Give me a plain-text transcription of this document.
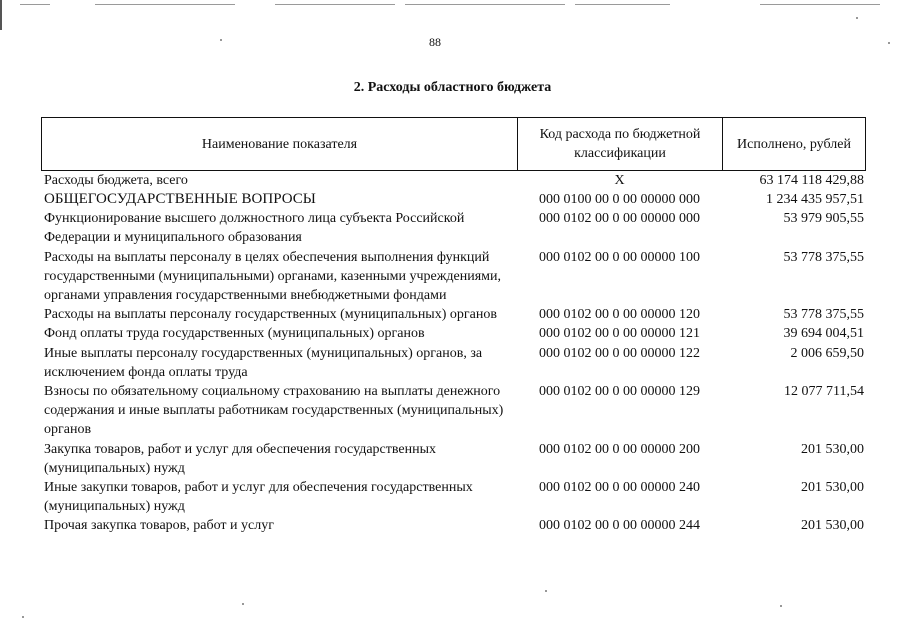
88
2. Расходы областного бюджета
Наименование показателя
Код расхода по бюджетной классификации
Исполнено, рублей
Расходы бюджета, всего	X	63 174 118 429,88
ОБЩЕГОСУДАРСТВЕННЫЕ ВОПРОСЫ	000 0100 00 0 00 00000 000	1 234 435 957,51
Функционирование высшего должностного лица субъекта Российской Федерации и муниципального образования
000 0102 00 0 00 00000 000	53 979 905,55
Расходы на выплаты персоналу в целях обеспечения выполнения функций государственными (муниципальными) органами, казенными учреждениями, органами управления государственными внебюджетными фондами
000 0102 00 0 00 00000 100	53 778 375,55
Расходы на выплаты персоналу государственных (муниципальных) органов	000 0102 00 0 00 00000 120	53 778 375,55
Фонд оплаты труда государственных (муниципальных) органов	000 0102 00 0 00 00000 121	39 694 004,51
Иные выплаты персоналу государственных (муниципальных) органов, за исключением фонда оплаты труда
000 0102 00 0 00 00000 122	2 006 659,50
Взносы по обязательному социальному страхованию на выплаты денежного содержания и иные выплаты работникам государственных (муниципальных) органов
000 0102 00 0 00 00000 129	12 077 711,54
Закупка товаров, работ и услуг для обеспечения государственных (муниципальных) нужд
000 0102 00 0 00 00000 200	201 530,00
Иные закупки товаров, работ и услуг для обеспечения государственных (муниципальных) нужд
000 0102 00 0 00 00000 240	201 530,00
Прочая закупка товаров, работ и услуг	000 0102 00 0 00 00000 244	201 530,00
